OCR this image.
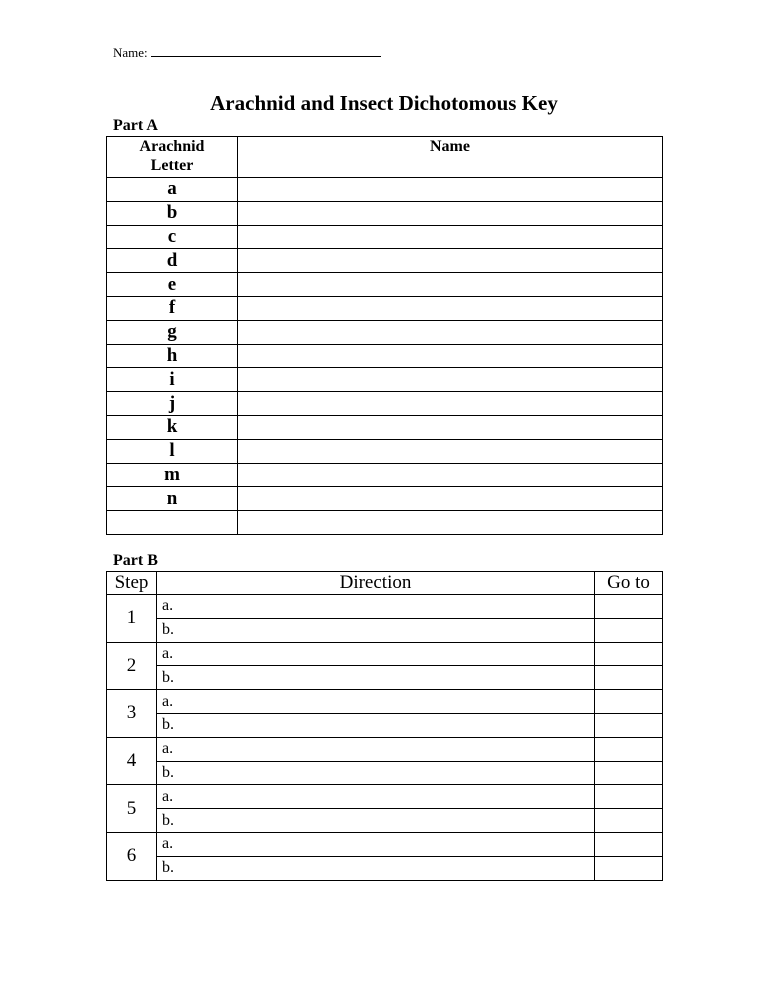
Name:
Arachnid and Insect Dichotomous Key
Part A
Arachnid
Letter	Name
a	
b	
c	
d	
e	
f	
g	
h	
i	
j	
k	
l	
m	
n	

Part B
Step	Direction	Go to
1	a.	
	b.	
2	a.	
	b.	
3	a.	
	b.	
4	a.	
	b.	
5	a.	
	b.	
6	a.	
	b.	
